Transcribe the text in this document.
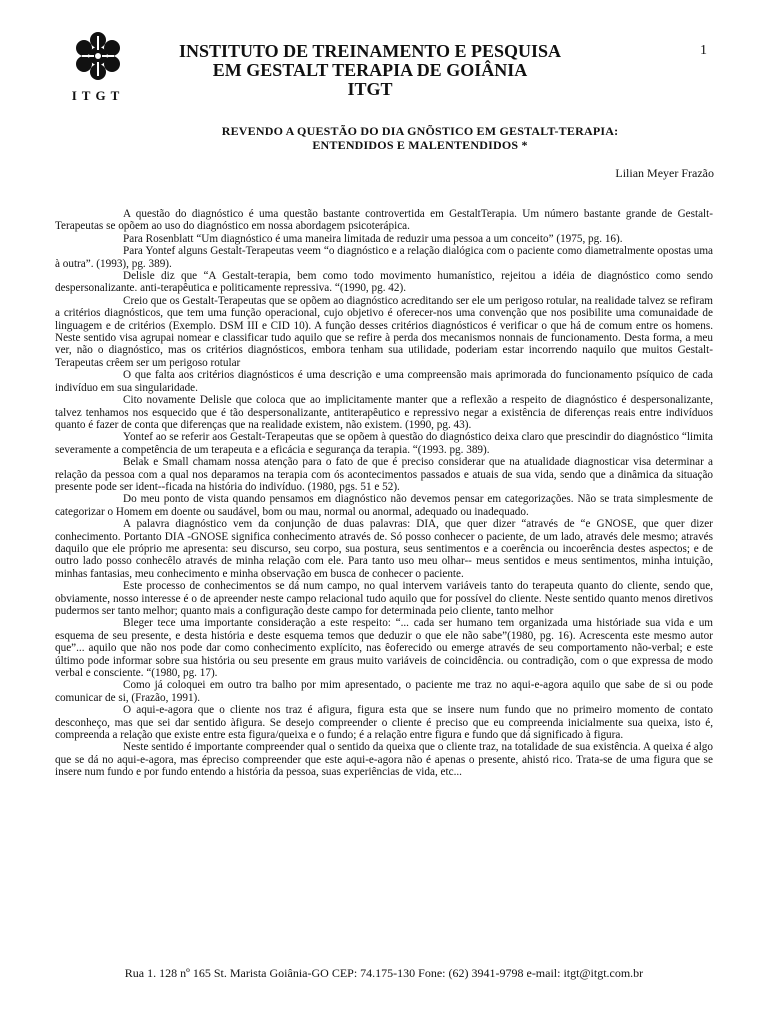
ITGT
INSTITUTO DE TREINAMENTO E PESQUISA
EM GESTALT TERAPIA DE GOIÂNIA
ITGT
1
REVENDO A QUESTÃO DO DIA GNÕSTICO EM GESTALT-TERAPIA:
ENTENDIDOS E MALENTENDIDOS *
Lilian Meyer Frazão

A questão do diagnóstico é uma questão bastante controvertida em GestaltTerapia. Um número bastante grande de Gestalt-Terapeutas se opõem ao uso do diagnóstico em nossa abordagem psicoterápica.

Para Rosenblatt “Um diagnóstico é uma maneira limitada de reduzir uma pessoa a um conceito” (1975, pg. 16).

Para Yontef alguns Gestalt-Terapeutas veem “o diagnóstico e a relação dialógica com o paciente como diametralmente opostas uma à outra”. (1993), pg. 389).

Delisle diz que “A Gestalt-terapia, bem como todo movimento humanístico, rejeitou a idéia de diagnóstico como sendo despersonalizante. anti-terapêutica e politicamente repressiva. “(1990, pg. 42).

Creio que os Gestalt-Terapeutas que se opõem ao diagnóstico acreditando ser ele um perigoso rotular, na realidade talvez se refiram a critérios diagnósticos, que tem uma função operacional, cujo objetivo é oferecer-nos uma convenção que nos posibilite uma comunaidade de linguagem e de critérios (Exemplo. DSM III e CID 10). A função desses critérios diagnósticos é verificar o que há de comum entre os homens. Neste sentido visa agrupai nomear e classificar tudo aquilo que se refire à perda dos mecanismos nonnais de funcionamento. Desta forma, a meu ver, não o diagnóstico, mas os critérios diagnósticos, embora tenham sua utilidade, poderiam estar incorrendo naquilo que muitos Gestalt-Terapeutas crêem ser um perigoso rotular

O que falta aos critérios diagnósticos é uma descrição e uma compreensão mais aprimorada do funcionamento psíquico de cada indivíduo em sua singularidade.

Cito novamente Delisle que coloca que ao implicitamente manter que a reflexão a respeito de diagnóstico é despersonalizante, talvez tenhamos nos esquecido que é tão despersonalizante, antiterapêutico e repressivo negar a existência de diferenças reais entre indivíduos quanto é fazer de conta que diferenças que na realidade existem, não existem. (1990, pg. 43).

Yontef ao se referir aos Gestalt-Terapeutas que se opõem à questão do diagnóstico deixa claro que prescindir do diagnóstico “limita severamente a competência de um terapeuta e a eficácia e segurança da terapia. “(1993. pg. 389).

Belak e Small chamam nossa atenção para o fato de que é preciso considerar que na atualidade diagnosticar visa determinar a relação da pessoa com a qual nos deparamos na terapia com ós acontecimentos passados e atuais de sua vida, sendo que a dinâmica da situação presente pode ser ident--ficada na história do indivíduo. (1980, pgs. 51 e 52).

Do meu ponto de vista quando pensamos em diagnóstico não devemos pensar em categorizações. Não se trata simplesmente de categorizar o Homem em doente ou saudável, bom ou mau, normal ou anormal, adequado ou inadequado.

A palavra diagnóstico vem da conjunção de duas palavras: DIA, que quer dizer “através de “e GNOSE, que quer dizer conhecimento. Portanto DIA -GNOSE significa conhecimento através de. Só posso conhecer o paciente, de um lado, através dele mesmo; através daquilo que ele próprio me apresenta: seu discurso, seu corpo, sua postura, seus sentimentos e a coerência ou incoerência destes aspectos; e de outro lado posso conhecêlo através de minha relação com ele. Para tanto uso meu olhar-- meus sentidos e meus sentimentos, minha intuição, minhas fantasias, meu conhecimento e minha observação em busca de conhecer o paciente.

Este processo de conhecimentos se dá num campo, no qual intervem variáveis tanto do terapeuta quanto do cliente, sendo que, obviamente, nosso interesse é o de apreender neste campo relacional tudo aquilo que for possível do cliente. Neste sentido quanto menos diretivos pudermos ser tanto melhor; quanto mais a configuração deste campo for determinada peio cliente, tanto melhor

Bleger tece uma importante consideração a este respeito: “... cada ser humano tem organizada uma históriade sua vida e um esquema de seu presente, e desta história e deste esquema temos que deduzir o que ele não sabe”(1980, pg. 16). Acrescenta este mesmo autor que”... aquilo que não nos pode dar como conhecimento explícito, nas êoferecido ou emerge através de seu comportamento não-verbal; e este último pode informar sobre sua história ou seu presente em graus muito variáveis de coincidência. ou contradição, com o que expressa de modo verbal e consciente. “(1980, pg. 17).

Como já coloquei em outro tra balho por mim apresentado, o paciente me traz no aqui-e-agora aquilo que sabe de si ou pode comunicar de si, (Frazão, 1991).

O aqui-e-agora que o cliente nos traz é afigura, figura esta que se insere num fundo que no primeiro momento de contato desconheço, mas que sei dar sentido àfigura. Se desejo compreender o cliente é preciso que eu compreenda inicialmente sua queixa, isto é, compreenda a relação que existe entre esta figura/queixa e o fundo; é a relação entre figura e fundo que dá significado à figura.

Neste sentido é importante compreender qual o sentido da queixa que o cliente traz, na totalidade de sua existência. A queixa é algo que se dá no aqui-e-agora, mas épreciso compreender que este aqui-e-agora não é apenas o presente, ahistó rico. Trata-se de uma figura que se insere num fundo e por fundo entendo a história da pessoa, suas experiências de vida, etc...

Rua 1. 128 nº 165 St. Marista Goiânia-GO CEP: 74.175-130 Fone: (62) 3941-9798 e-mail: itgt@itgt.com.br
